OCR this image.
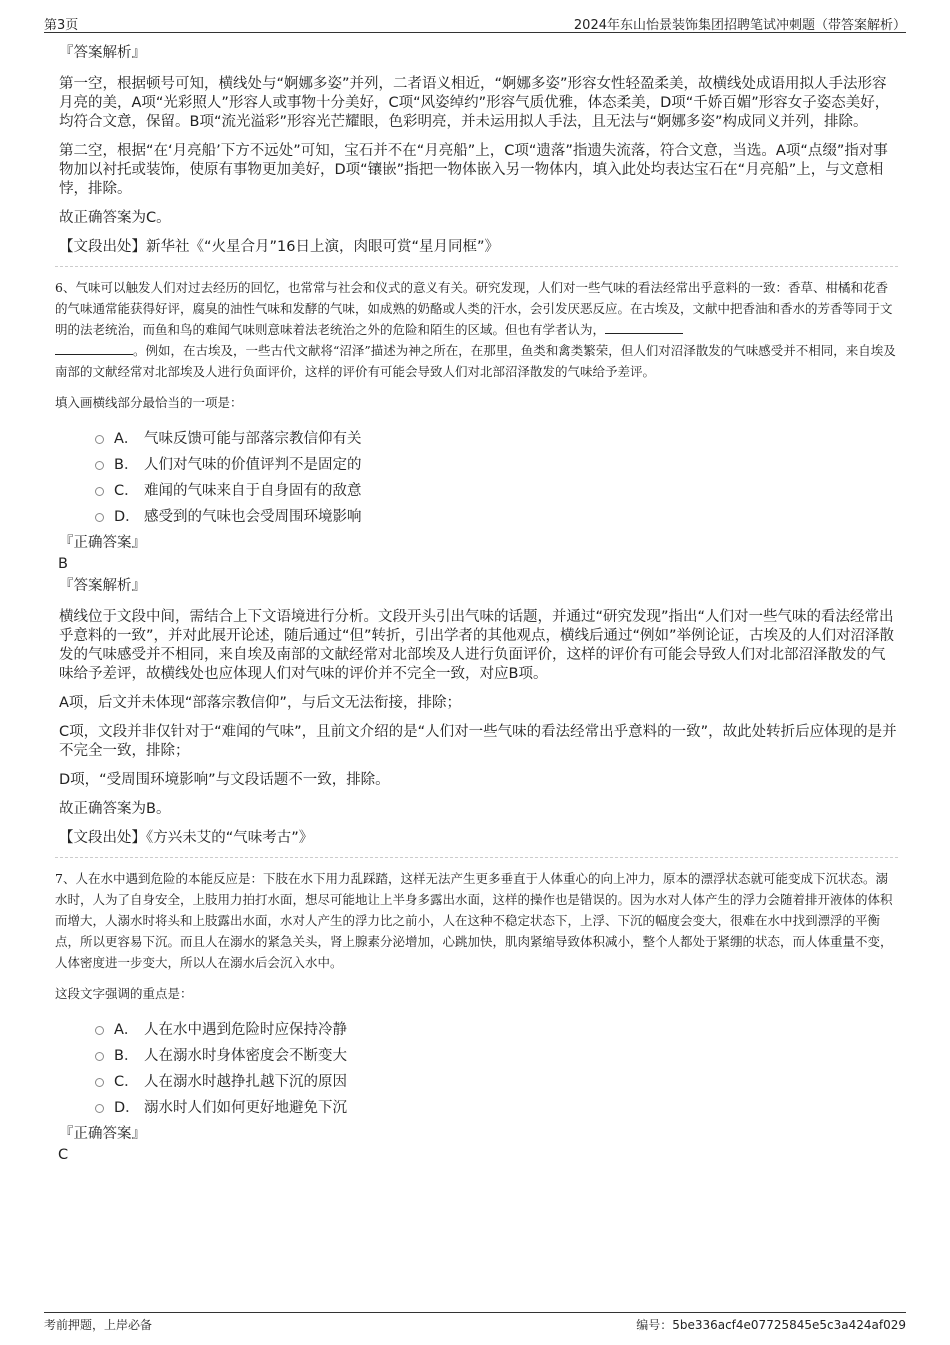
第3页	2024年东山怡景装饰集团招聘笔试冲刺题（带答案解析）
『答案解析』
第一空，根据顿号可知，横线处与“婀娜多姿”并列，二者语义相近，“婀娜多姿”形容女性轻盈柔美，故横线处成语用拟人手法形容月亮的美，A项“光彩照人”形容人或事物十分美好，C项“风姿绰约”形容气质优雅，体态柔美，D项“千娇百媚”形容女子姿态美好，均符合文意，保留。B项“流光溢彩”形容光芒耀眼，色彩明亮，并未运用拟人手法，且无法与“婀娜多姿”构成同义并列，排除。
第二空，根据“在‘月亮船’下方不远处”可知，宝石并不在“月亮船”上，C项“遗落”指遗失流落，符合文意，当选。A项“点缀”指对事物加以衬托或装饰，使原有事物更加美好，D项“镶嵌”指把一物体嵌入另一物体内，填入此处均表达宝石在“月亮船”上，与文意相悖，排除。
故正确答案为C。
【文段出处】新华社《“火星合月”16日上演，肉眼可赏“星月同框”》
6、气味可以触发人们对过去经历的回忆，也常常与社会和仪式的意义有关。研究发现，人们对一些气味的看法经常出乎意料的一致：香草、柑橘和花香的气味通常能获得好评，腐臭的油性气味和发酵的气味，如成熟的奶酪或人类的汗水，会引发厌恶反应。在古埃及，文献中把香油和香水的芳香等同于文明的法老统治，而鱼和鸟的难闻气味则意味着法老统治之外的危险和陌生的区域。但也有学者认为，
。例如，在古埃及，一些古代文献将“沼泽”描述为神之所在，在那里，鱼类和禽类繁荣，但人们对沼泽散发的气味感受并不相同，来自埃及南部的文献经常对北部埃及人进行负面评价，这样的评价有可能会导致人们对北部沼泽散发的气味给予差评。
填入画横线部分最恰当的一项是：
A． 气味反馈可能与部落宗教信仰有关
B． 人们对气味的价值评判不是固定的
C． 难闻的气味来自于自身固有的敌意
D． 感受到的气味也会受周围环境影响
『正确答案』
B
『答案解析』
横线位于文段中间，需结合上下文语境进行分析。文段开头引出气味的话题，并通过“研究发现”指出“人们对一些气味的看法经常出乎意料的一致”，并对此展开论述，随后通过“但”转折，引出学者的其他观点，横线后通过“例如”举例论证，古埃及的人们对沼泽散发的气味感受并不相同，来自埃及南部的文献经常对北部埃及人进行负面评价，这样的评价有可能会导致人们对北部沼泽散发的气味给予差评，故横线处也应体现人们对气味的评价并不完全一致，对应B项。
A项，后文并未体现“部落宗教信仰”，与后文无法衔接，排除；
C项，文段并非仅针对于“难闻的气味”，且前文介绍的是“人们对一些气味的看法经常出乎意料的一致”，故此处转折后应体现的是并不完全一致，排除；
D项，“受周围环境影响”与文段话题不一致，排除。
故正确答案为B。
【文段出处】《方兴未艾的“气味考古”》
7、人在水中遇到危险的本能反应是：下肢在水下用力乱踩踏，这样无法产生更多垂直于人体重心的向上冲力，原本的漂浮状态就可能变成下沉状态。溺水时，人为了自身安全，上肢用力拍打水面，想尽可能地让上半身多露出水面，这样的操作也是错误的。因为水对人体产生的浮力会随着排开液体的体积而增大，人溺水时将头和上肢露出水面，水对人产生的浮力比之前小，人在这种不稳定状态下，上浮、下沉的幅度会变大，很难在水中找到漂浮的平衡点，所以更容易下沉。而且人在溺水的紧急关头，肾上腺素分泌增加，心跳加快，肌肉紧缩导致体积减小，整个人都处于紧绷的状态，而人体重量不变，人体密度进一步变大，所以人在溺水后会沉入水中。
这段文字强调的重点是：
A． 人在水中遇到危险时应保持冷静
B． 人在溺水时身体密度会不断变大
C． 人在溺水时越挣扎越下沉的原因
D． 溺水时人们如何更好地避免下沉
『正确答案』
C
考前押题，上岸必备	编号：5be336acf4e07725845e5c3a424af029
